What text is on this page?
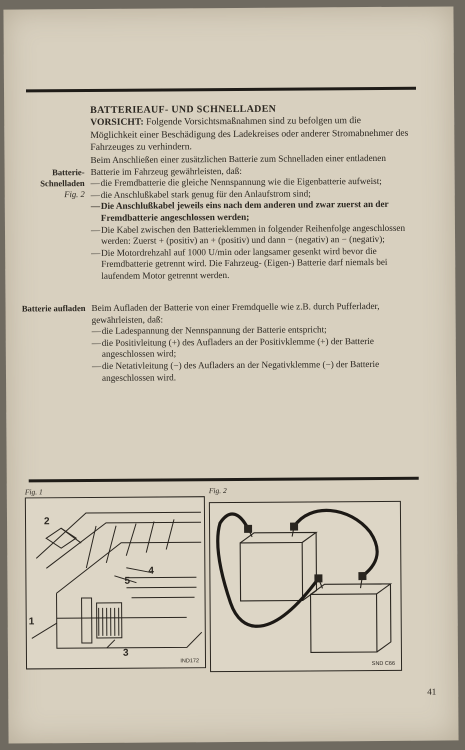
BATTERIEAUF- UND SCHNELLADEN
VORSICHT: Folgende Vorsichtsmaßnahmen sind zu befolgen um die Möglichkeit einer Beschädigung des Ladekreises oder anderer Stromabnehmer des Fahrzeuges zu verhindern.
Batterie-Schnelladen
Fig. 2

Beim Anschließen einer zusätzlichen Batterie zum Schnelladen einer entladenen Batterie im Fahrzeug gewährleisten, daß:

— die Fremdbatterie die gleiche Nennspannung wie die Eigenbatterie aufweist;
— die Anschlußkabel stark genug für den Anlaufstrom sind;
— Die Anschlußkabel jeweils eins nach dem anderen und zwar zuerst an der Fremdbatterie angeschlossen werden;
— Die Kabel zwischen den Batterieklemmen in folgender Reihenfolge angeschlossen werden: Zuerst + (positiv) an + (positiv) und dann − (negativ) an − (negativ);
— Die Motordrehzahl auf 1000 U/min oder langsamer gesenkt wird bevor die Fremdbatterie getrennt wird. Die Fahrzeug- (Eigen-) Batterie darf niemals bei laufendem Motor getrennt werden.
Batterie aufladen Beim Aufladen der Batterie von einer Fremdquelle wie z.B. durch Pufferlader, gewährleisten, daß:

— die Ladespannung der Nennspannung der Batterie entspricht;
— die Positivleitung (+) des Aufladers an der Positivklemme (+) der Batterie angeschlossen wird;
— die Netativleitung (−) des Aufladers an der Negativklemme (−) der Batterie angeschlossen wird.
Fig. 1
1
2
3
4
5
IND172
Fig. 2
SND C66
41
